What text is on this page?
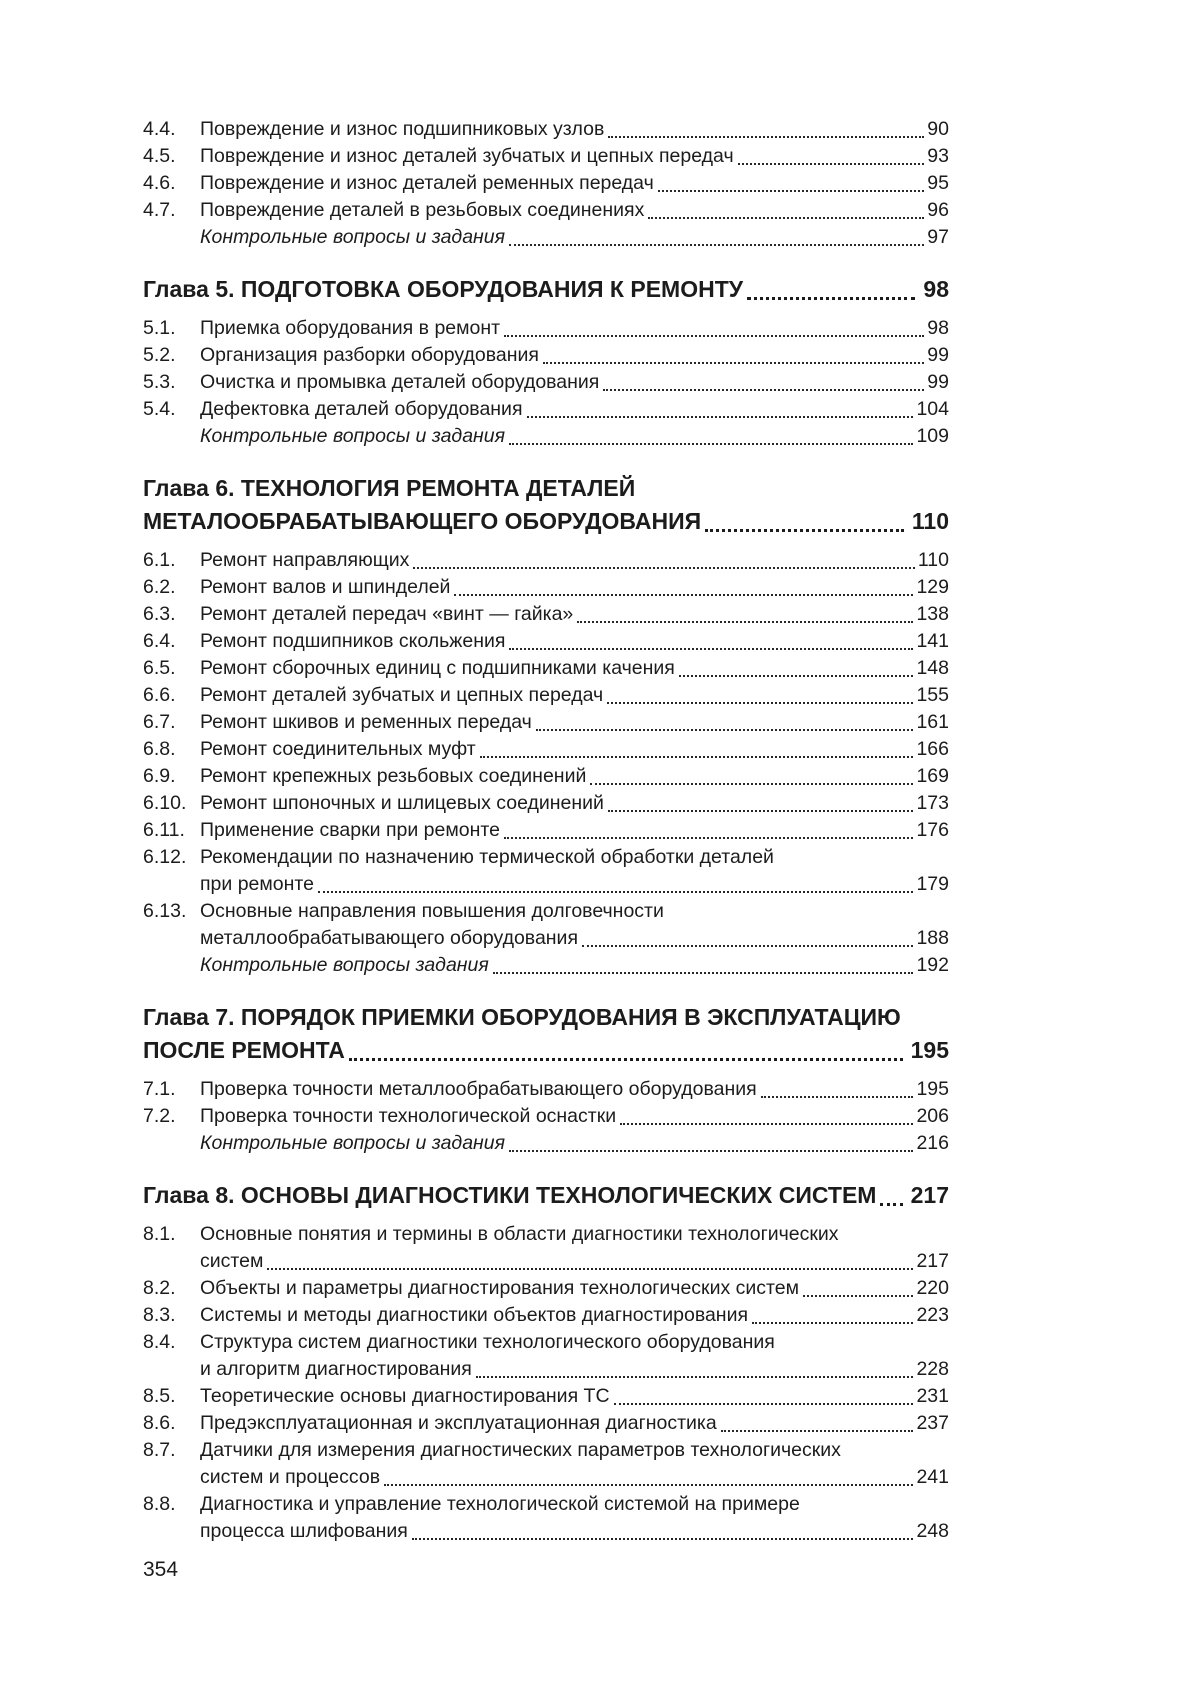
4.4.	Повреждение и износ подшипниковых узлов	90
4.5.	Повреждение и износ деталей зубчатых и цепных передач	93
4.6.	Повреждение и износ деталей ременных передач	95
4.7.	Повреждение деталей в резьбовых соединениях	96
Контрольные вопросы и задания	97
Глава 5. ПОДГОТОВКА ОБОРУДОВАНИЯ К РЕМОНТУ	98
5.1.	Приемка оборудования в ремонт	98
5.2.	Организация разборки оборудования	99
5.3.	Очистка и промывка деталей оборудования	99
5.4.	Дефектовка деталей оборудования	104
Контрольные вопросы и задания	109
Глава 6. ТЕХНОЛОГИЯ РЕМОНТА ДЕТАЛЕЙ
МЕТАЛООБРАБАТЫВАЮЩЕГО ОБОРУДОВАНИЯ	110
6.1.	Ремонт направляющих	110
6.2.	Ремонт валов и шпинделей	129
6.3.	Ремонт деталей передач «винт — гайка»	138
6.4.	Ремонт подшипников скольжения	141
6.5.	Ремонт сборочных единиц с подшипниками качения	148
6.6.	Ремонт деталей зубчатых и цепных передач	155
6.7.	Ремонт шкивов и ременных передач	161
6.8.	Ремонт соединительных муфт	166
6.9.	Ремонт крепежных резьбовых соединений	169
6.10. Ремонт шпоночных и шлицевых соединений	173
6.11. Применение сварки при ремонте	176
6.12. Рекомендации по назначению термической обработки деталей
при ремонте	179
6.13. Основные направления повышения долговечности
металлообрабатывающего оборудования	188
Контрольные вопросы задания	192
Глава 7. ПОРЯДОК ПРИЕМКИ ОБОРУДОВАНИЯ В ЭКСПЛУАТАЦИЮ
ПОСЛЕ РЕМОНТА	195
7.1.	Проверка точности металлообрабатывающего оборудования	195
7.2.	Проверка точности технологической оснастки	206
Контрольные вопросы и задания	216
Глава 8. ОСНОВЫ ДИАГНОСТИКИ ТЕХНОЛОГИЧЕСКИХ СИСТЕМ 217
8.1.	Основные понятия и термины в области диагностики технологических
систем	217
8.2.	Объекты и параметры диагностирования технологических систем	220
8.3.	Системы и методы диагностики объектов диагностирования	223
8.4.	Структура систем диагностики технологического оборудования
и алгоритм диагностирования	228
8.5.	Теоретические основы диагностирования ТС	231
8.6.	Предэксплуатационная и эксплуатационная диагностика	237
8.7.	Датчики для измерения диагностических параметров технологических
систем и процессов	241
8.8.	Диагностика и управление технологической системой на примере
процесса шлифования	248
354
